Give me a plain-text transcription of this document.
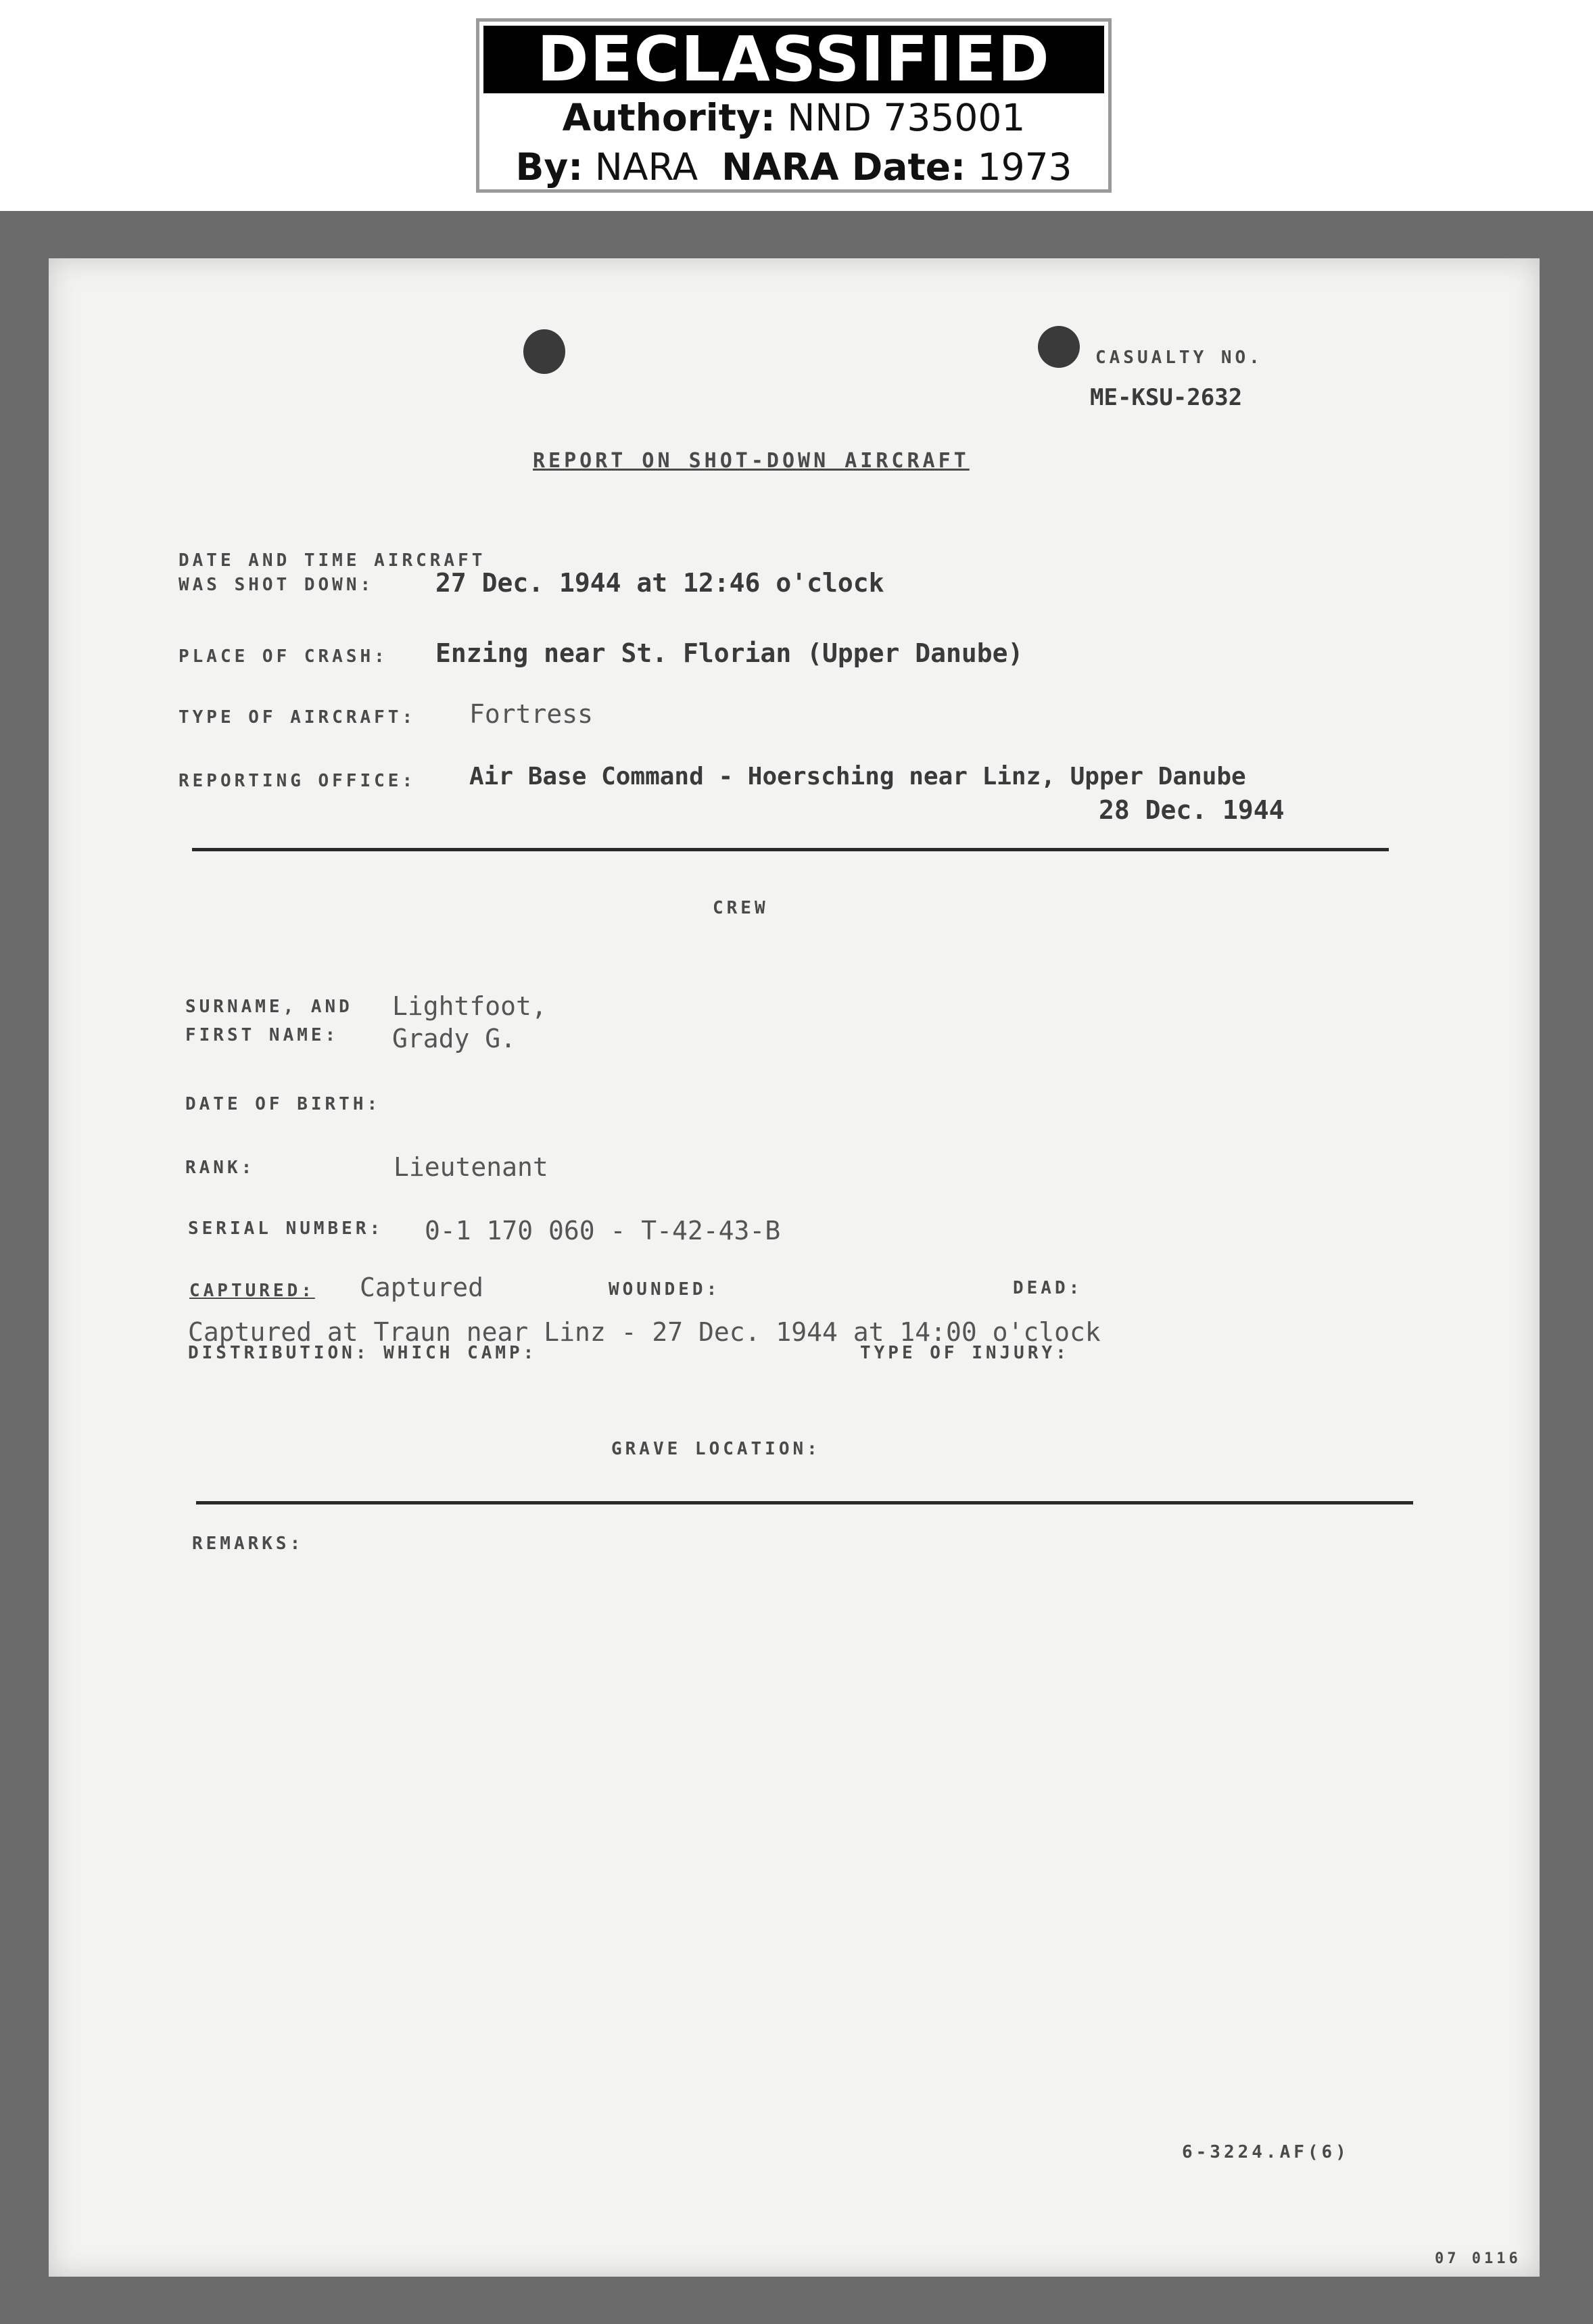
DECLASSIFIED
Authority: NND 735001
By: NARA NARA Date: 1973
CASUALTY NO.
ME-KSU-2632
REPORT ON SHOT-DOWN AIRCRAFT
DATE AND TIME AIRCRAFT
WAS SHOT DOWN: 27 Dec. 1944 at 12:46 o'clock
PLACE OF CRASH: Enzing near St. Florian (Upper Danube)
TYPE OF AIRCRAFT: Fortress
REPORTING OFFICE: Air Base Command - Hoersching near Linz, Upper Danube
28 Dec. 1944
CREW
SURNAME, AND
FIRST NAME:
Lightfoot,
Grady G.
DATE OF BIRTH:
RANK:	Lieutenant
SERIAL NUMBER: 0-1 170 060 - T-42-43-B
CAPTURED: Captured	WOUNDED:	DEAD:
Captured at Traun near Linz - 27 Dec. 1944 at 14:00 o'clock
DISTRIBUTION: WHICH CAMP:	TYPE OF INJURY:
GRAVE LOCATION:
REMARKS:
6-3224.AF(6)
07 0116
